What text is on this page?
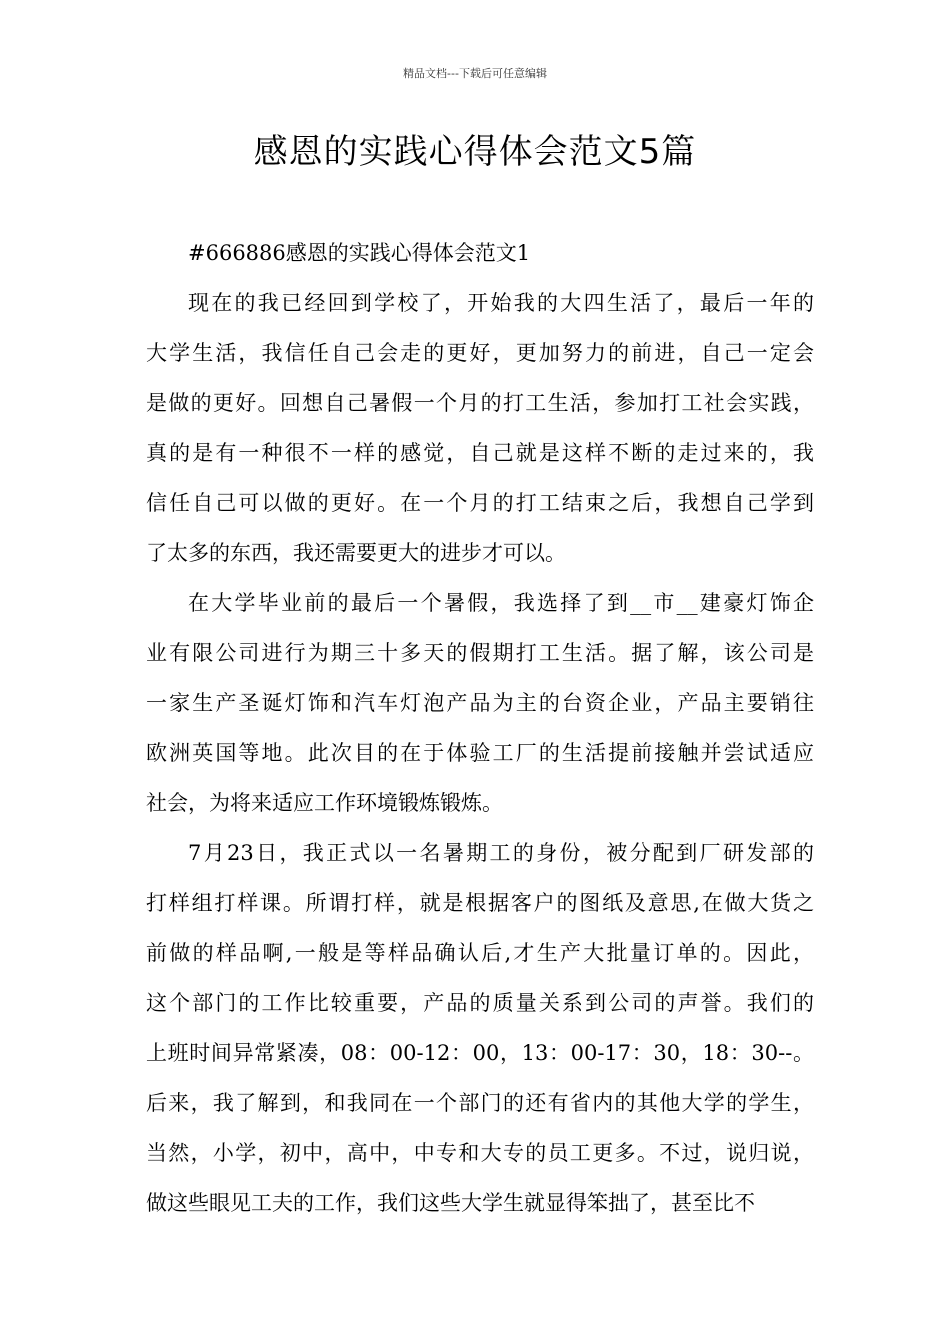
精品文档---下载后可任意编辑
感恩的实践心得体会范文5篇
#666886感恩的实践心得体会范文1
现在的我已经回到学校了，开始我的大四生活了，最后一年的
大学生活，我信任自己会走的更好，更加努力的前进，自己一定会
是做的更好。回想自己暑假一个月的打工生活，参加打工社会实践，
真的是有一种很不一样的感觉，自己就是这样不断的走过来的，我
信任自己可以做的更好。在一个月的打工结束之后，我想自己学到
了太多的东西，我还需要更大的进步才可以。
在大学毕业前的最后一个暑假，我选择了到__市__建豪灯饰企
业有限公司进行为期三十多天的假期打工生活。据了解，该公司是
一家生产圣诞灯饰和汽车灯泡产品为主的台资企业，产品主要销往
欧洲英国等地。此次目的在于体验工厂的生活提前接触并尝试适应
社会，为将来适应工作环境锻炼锻炼。
7月23日，我正式以一名暑期工的身份，被分配到厂研发部的
打样组打样课。所谓打样，就是根据客户的图纸及意思,在做大货之
前做的样品啊,一般是等样品确认后,才生产大批量订单的。因此，
这个部门的工作比较重要，产品的质量关系到公司的声誉。我们的
上班时间异常紧凑，08：00-12：00，13：00-17：30，18：30--。
后来，我了解到，和我同在一个部门的还有省内的其他大学的学生，
当然，小学，初中，高中，中专和大专的员工更多。不过，说归说，
做这些眼见工夫的工作，我们这些大学生就显得笨拙了，甚至比不
